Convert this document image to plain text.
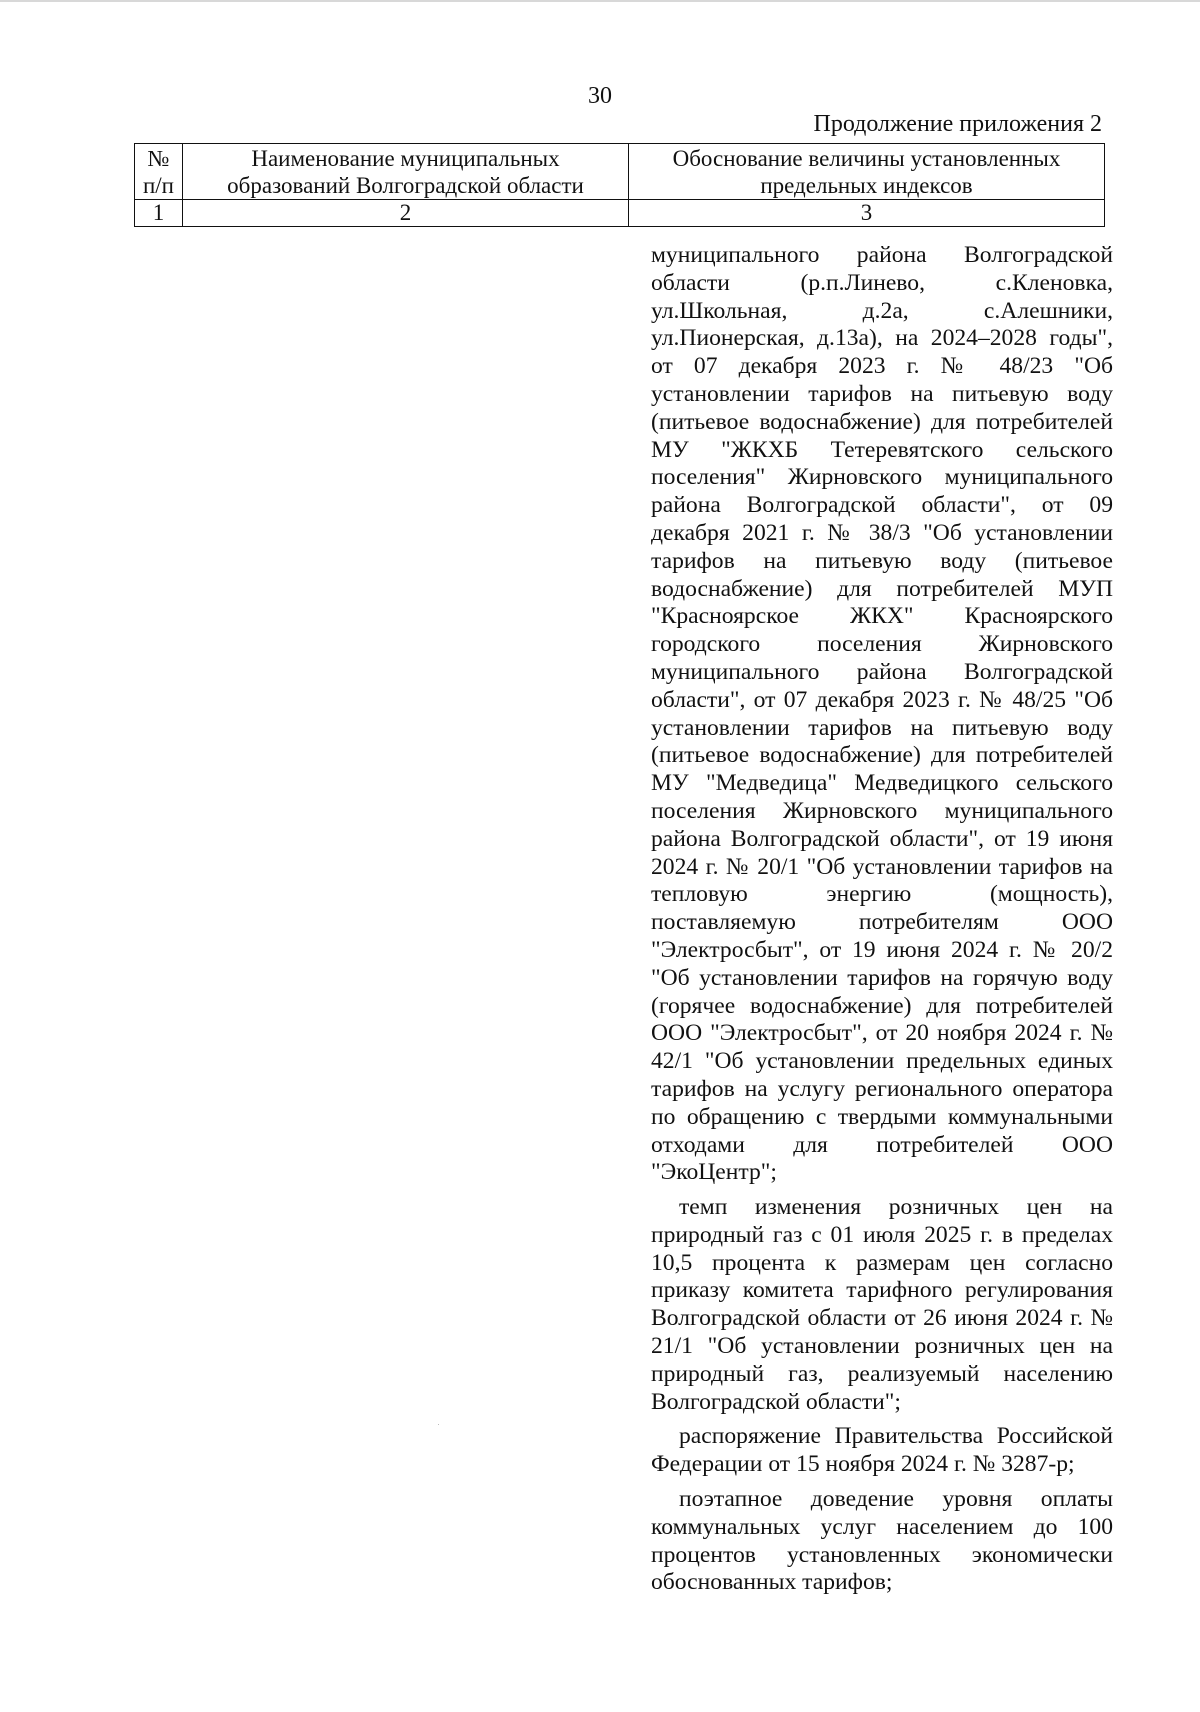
30
Продолжение приложения 2
№ п/п	Наименование муниципальных образований Волгоградской области	Обоснование величины установленных предельных индексов
1	2	3

муниципального района Волгоградской области (р.п.Линево, с.Кленовка, ул.Школьная, д.2а, с.Алешники, ул.Пионерская, д.13а), на 2024–2028 годы", от 07 декабря 2023 г. № 48/23 "Об установлении тарифов на питьевую воду (питьевое водоснабжение) для потребителей МУ "ЖКХБ Тетеревятского сельского поселения" Жирновского муниципального района Волгоградской области", от 09 декабря 2021 г. № 38/3 "Об установлении тарифов на питьевую воду (питьевое водоснабжение) для потребителей МУП "Красноярское ЖКХ" Красноярского городского поселения Жирновского муниципального района Волгоградской области", от 07 декабря 2023 г. № 48/25 "Об установлении тарифов на питьевую воду (питьевое водоснабжение) для потребителей МУ "Медведица" Медведицкого сельского поселения Жирновского муниципального района Волгоградской области", от 19 июня 2024 г. № 20/1 "Об установлении тарифов на тепловую энергию (мощность), поставляемую потребителям ООО "Электросбыт", от 19 июня 2024 г. № 20/2 "Об установлении тарифов на горячую воду (горячее водоснабжение) для потребителей ООО "Электросбыт", от 20 ноября 2024 г. № 42/1 "Об установлении предельных единых тарифов на услугу регионального оператора по обращению с твердыми коммунальными отходами для потребителей ООО "ЭкоЦентр";

темп изменения розничных цен на природный газ с 01 июля 2025 г. в пределах 10,5 процента к размерам цен согласно приказу комитета тарифного регулирования Волгоградской области от 26 июня 2024 г. № 21/1 "Об установлении розничных цен на природный газ, реализуемый населению Волгоградской области";

распоряжение Правительства Российской Федерации от 15 ноября 2024 г. № 3287-р;

поэтапное доведение уровня оплаты коммунальных услуг населением до 100 процентов установленных экономически обоснованных тарифов;
